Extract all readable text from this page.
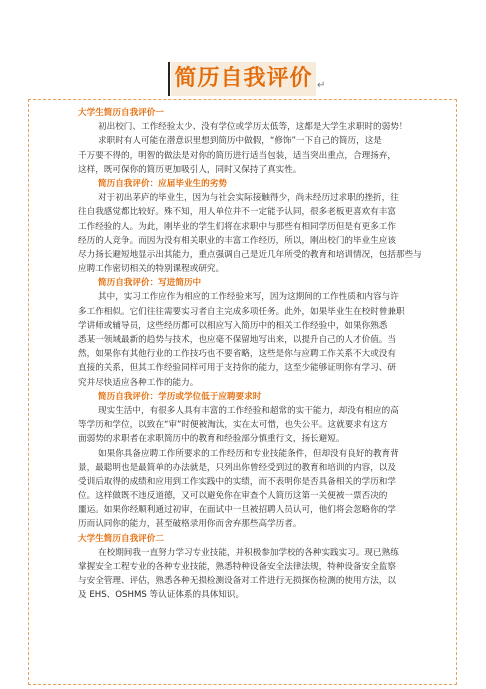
简历自我评价 ↵
大学生简历自我评价一
初出校门、工作经验太少、没有学位或学历太低等，这都是大学生求职时的弱势！
求职时有人可能在潜意识里想到简历中做假，“修饰”一下自己的简历，这是
千万要不得的，明智的做法是对你的简历进行适当包装，适当突出重点，合理扬弃，
这样，既可保你的简历更加吸引人，同时又保持了真实性。
简历自我评价：应届毕业生的劣势
对于初出茅庐的毕业生，因为与社会实际接触得少，尚未经历过求职的挫折，往
往自我感觉都比较好。殊不知，用人单位并不一定能予认同，很多老板更喜欢有丰富
工作经验的人。为此，刚毕业的学生们将在求职中与那些有相同学历但是有更多工作
经历的人竞争。而因为没有相关职业的丰富工作经历，所以，刚出校门的毕业生应该
尽力扬长避短地显示出其能力，重点强调自己是近几年所受的教育和培训情况，包括那些与
应聘工作密切相关的特别课程或研究。
简历自我评价：写进简历中
其中，实习工作应作为相应的工作经验来写，因为这期间的工作性质和内容与许
多工作相似。它们往往需要实习者自主完成多项任务。此外，如果毕业生在校时曾兼职
学讲师或辅导员，这些经历都可以相应写入简历中的相关工作经验中，如果你熟悉
悉某一领域最新的趋势与技术，也应毫不保留地写出来，以提升自己的人才价值。当
然，如果你有其他行业的工作技巧也不要省略，这些是你与应聘工作关系不大或没有
直接的关系，但其工作经验同样可用于支持你的能力，这至少能够证明你有学习、研
究并尽快适应各种工作的能力。
简历自我评价：学历或学位低于应聘要求时
现实生活中，有很多人具有丰富的工作经验和超常的实干能力，却没有相应的高
等学历和学位，以致在“审”时便被淘汰，实在太可惜，也失公平。这就要求有这方
面弱势的求职者在求职简历中的教育和经验部分慎重行文，扬长避短。
如果你具备应聘工作所要求的工作经历和专业技能条件，但却没有良好的教育背
景，最聪明也是最简单的办法就是，只列出你曾经受到过的教育和培训的内容，以及
受训后取得的成绩和应用到工作实践中的实绩，而不表明你是否具备相关的学历和学
位。这样做既不违反道德，又可以避免你在审查个人简历这第一关便被一票否决的
噩运。如果你经顺利通过初审，在面试中一旦被招聘人员认可，他们将会忽略你的学
历而认同你的能力，甚至破格录用你而舍弃那些高学历者。
大学生简历自我评价二
在校期间我一直努力学习专业技能，并积极参加学校的各种实践实习。现已熟练
掌握安全工程专业的各种专业技能，熟悉特种设备安全法律法规，特种设备安全监察
与安全管理、评估，熟悉各种无损检测设备对工件进行无损探伤检测的使用方法，以
及 EHS、OSHMS 等认证体系的具体知识。
